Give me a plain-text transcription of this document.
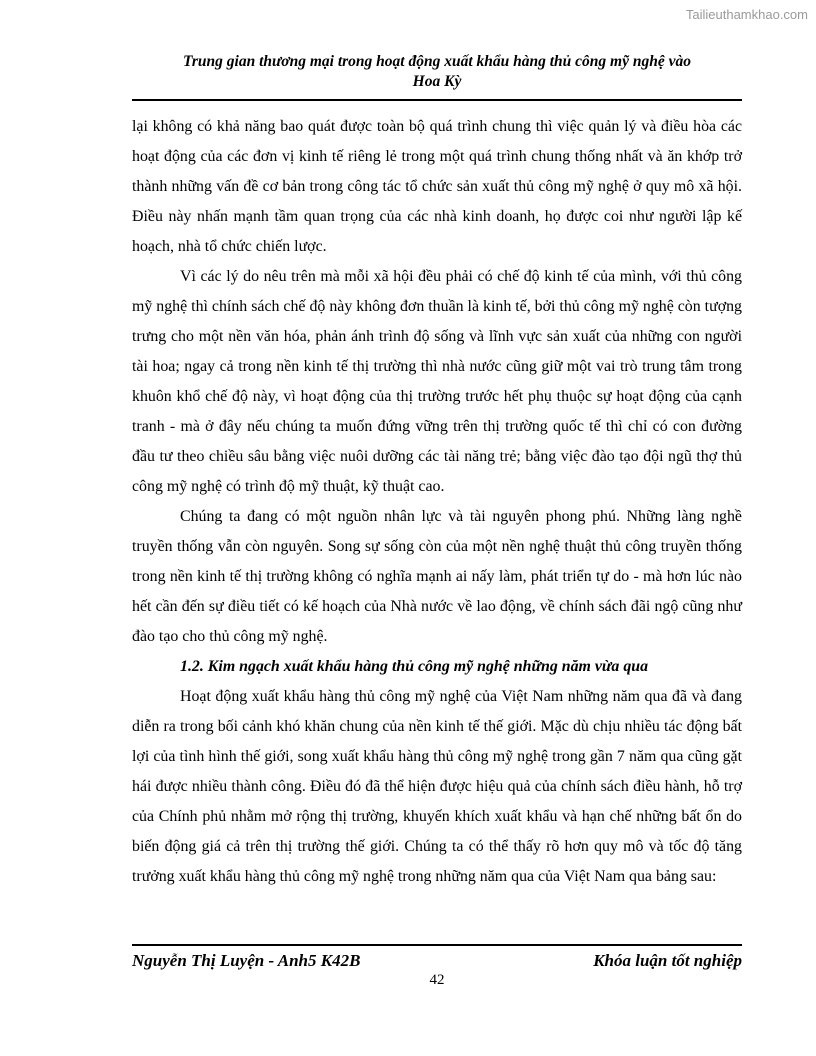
Tailieuthamkhao.com
Trung gian thương mại trong hoạt động xuất khẩu hàng thủ công mỹ nghệ vào
Hoa Kỳ

lại không có khả năng bao quát được toàn bộ quá trình chung thì việc quản lý và điều hòa các hoạt động của các đơn vị kinh tế riêng lẻ trong một quá trình chung thống nhất và ăn khớp trở thành những vấn đề cơ bản trong công tác tổ chức sản xuất thủ công mỹ nghệ ở quy mô xã hội. Điều này nhấn mạnh tầm quan trọng của các nhà kinh doanh, họ được coi như người lập kế hoạch, nhà tổ chức chiến lược.

Vì các lý do nêu trên mà mỗi xã hội đều phải có chế độ kinh tế của mình, với thủ công mỹ nghệ thì chính sách chế độ này không đơn thuần là kinh tế, bởi thủ công mỹ nghệ còn tượng trưng cho một nền văn hóa, phản ánh trình độ sống và lĩnh vực sản xuất của những con người tài hoa; ngay cả trong nền kinh tế thị trường thì nhà nước cũng giữ một vai trò trung tâm trong khuôn khổ chế độ này, vì hoạt động của thị trường trước hết phụ thuộc sự hoạt động của cạnh tranh - mà ở đây nếu chúng ta muốn đứng vững trên thị trường quốc tế thì chỉ có con đường đầu tư theo chiều sâu bằng việc nuôi dưỡng các tài năng trẻ; bằng việc đào tạo đội ngũ thợ thủ công mỹ nghệ có trình độ mỹ thuật, kỹ thuật cao.

Chúng ta đang có một nguồn nhân lực và tài nguyên phong phú. Những làng nghề truyền thống vẫn còn nguyên. Song sự sống còn của một nền nghệ thuật thủ công truyền thống trong nền kinh tế thị trường không có nghĩa mạnh ai nấy làm, phát triển tự do - mà hơn lúc nào hết cần đến sự điều tiết có kế hoạch của Nhà nước về lao động, về chính sách đãi ngộ cũng như đào tạo cho thủ công mỹ nghệ.

1.2. Kim ngạch xuất khẩu hàng thủ công mỹ nghệ những năm vừa qua

Hoạt động xuất khẩu hàng thủ công mỹ nghệ của Việt Nam những năm qua đã và đang diễn ra trong bối cảnh khó khăn chung của nền kinh tế thế giới. Mặc dù chịu nhiều tác động bất lợi của tình hình thế giới, song xuất khẩu hàng thủ công mỹ nghệ trong gần 7 năm qua cũng gặt hái được nhiều thành công. Điều đó đã thể hiện được hiệu quả của chính sách điều hành, hỗ trợ của Chính phủ nhằm mở rộng thị trường, khuyến khích xuất khẩu và hạn chế những bất ổn do biến động giá cả trên thị trường thế giới. Chúng ta có thể thấy rõ hơn quy mô và tốc độ tăng trưởng xuất khẩu hàng thủ công mỹ nghệ trong những năm qua của Việt Nam qua bảng sau:

Nguyễn Thị Luyện - Anh5 K42B	Khóa luận tốt nghiệp
42
